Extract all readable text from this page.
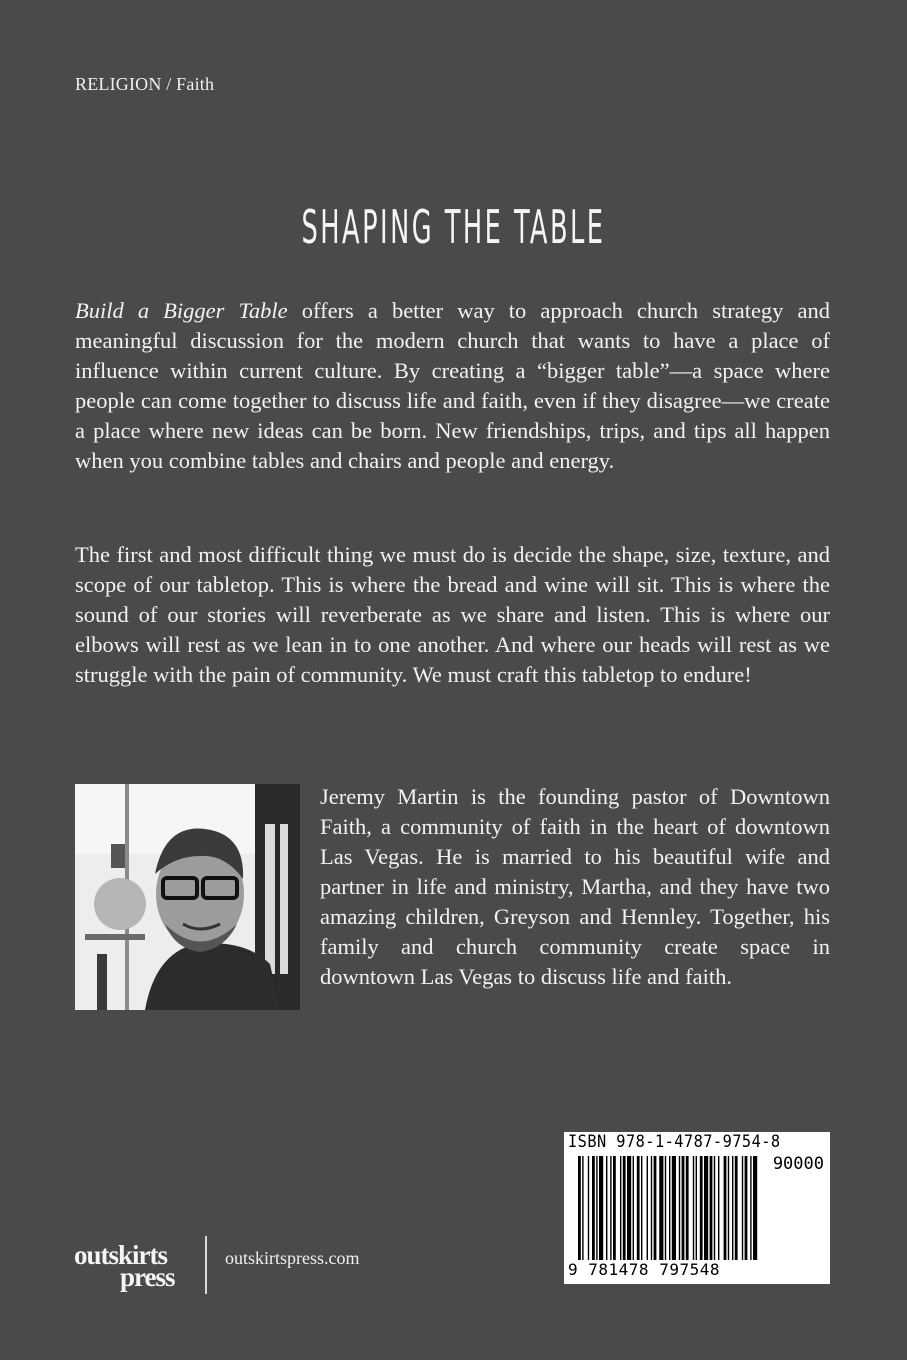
RELIGION / Faith
SHAPING THE TABLE
Build a Bigger Table offers a better way to approach church strategy and meaningful discussion for the modern church that wants to have a place of influence within current culture. By creating a “bigger table”—a space where people can come together to discuss life and faith, even if they disagree—we create a place where new ideas can be born. New friendships, trips, and tips all happen when you combine tables and chairs and people and energy.
The first and most difficult thing we must do is decide the shape, size, texture, and scope of our tabletop. This is where the bread and wine will sit. This is where the sound of our stories will reverberate as we share and listen. This is where our elbows will rest as we lean in to one another. And where our heads will rest as we struggle with the pain of community. We must craft this tabletop to endure!
Jeremy Martin is the founding pastor of Downtown Faith, a community of faith in the heart of downtown Las Vegas. He is married to his beautiful wife and partner in life and ministry, Martha, and they have two amazing children, Greyson and Hennley. Together, his family and church community create space in downtown Las Vegas to discuss life and faith.
ISBN 978-1-4787-9754-8
90000
9 781478 797548
outskirts
press
outskirtspress.com
